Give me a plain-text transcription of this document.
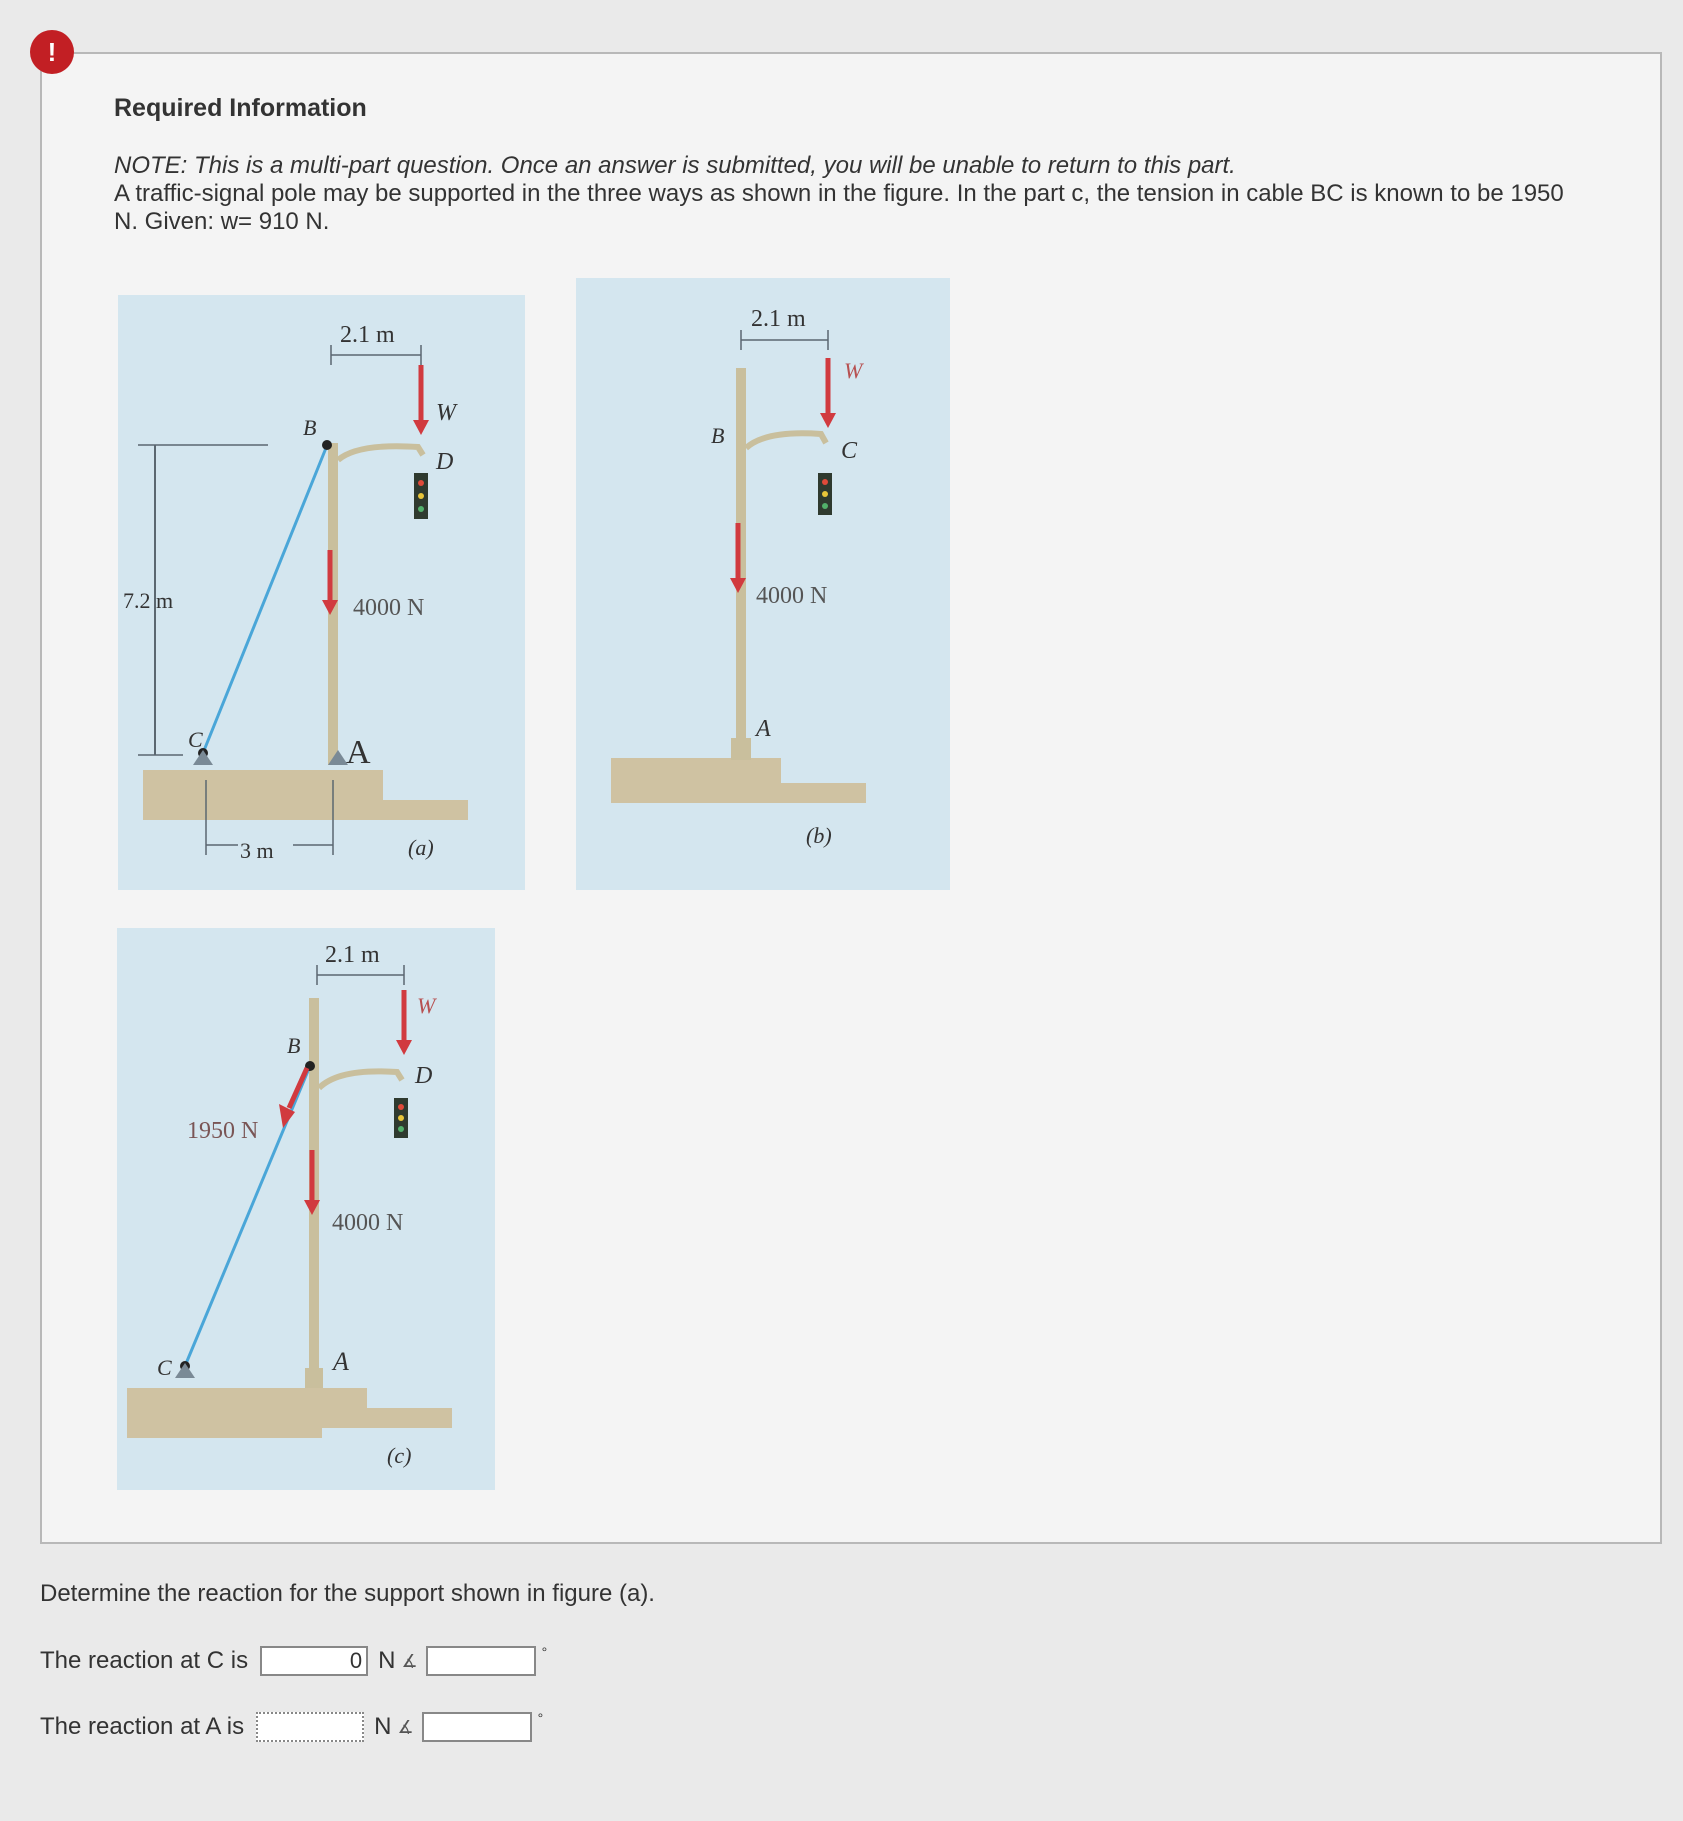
!
Required Information
NOTE: This is a multi-part question. Once an answer is submitted, you will be unable to return to this part.
A traffic-signal pole may be supported in the three ways as shown in the figure. In the part c, the tension in cable BC is known to be 1950 N. Given: w= 910 N.
7.2 m
3 m
2.1 m
W
B
D
4000 N
C	A
(a)
2.1 m
W
B
C
4000 N
A
(b)
2.1 m
W
B
D
1950 N
4000 N
C	A
(c)
Determine the reaction for the support shown in figure (a).
The reaction at C is	0 N ∡	°
The reaction at A is	N ∡	°
